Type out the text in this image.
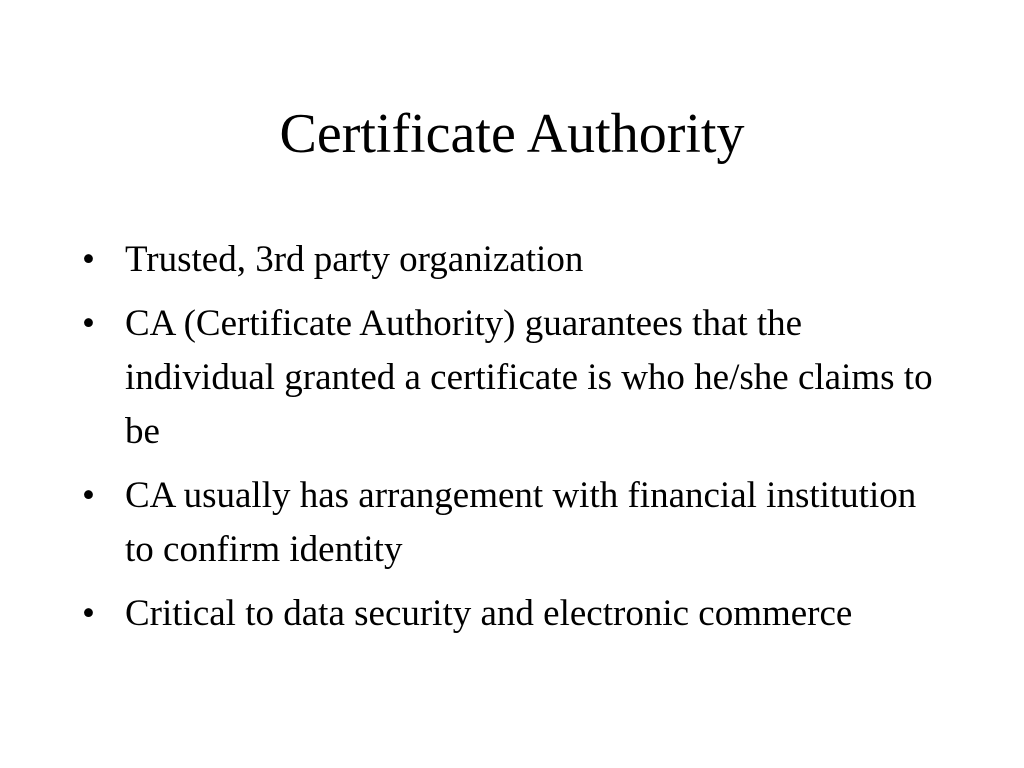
Certificate Authority
• Trusted, 3rd party organization
• CA (Certificate Authority) guarantees that the individual granted a certificate is who he/she claims to be
• CA usually has arrangement with financial institution to confirm identity
• Critical to data security and electronic commerce
